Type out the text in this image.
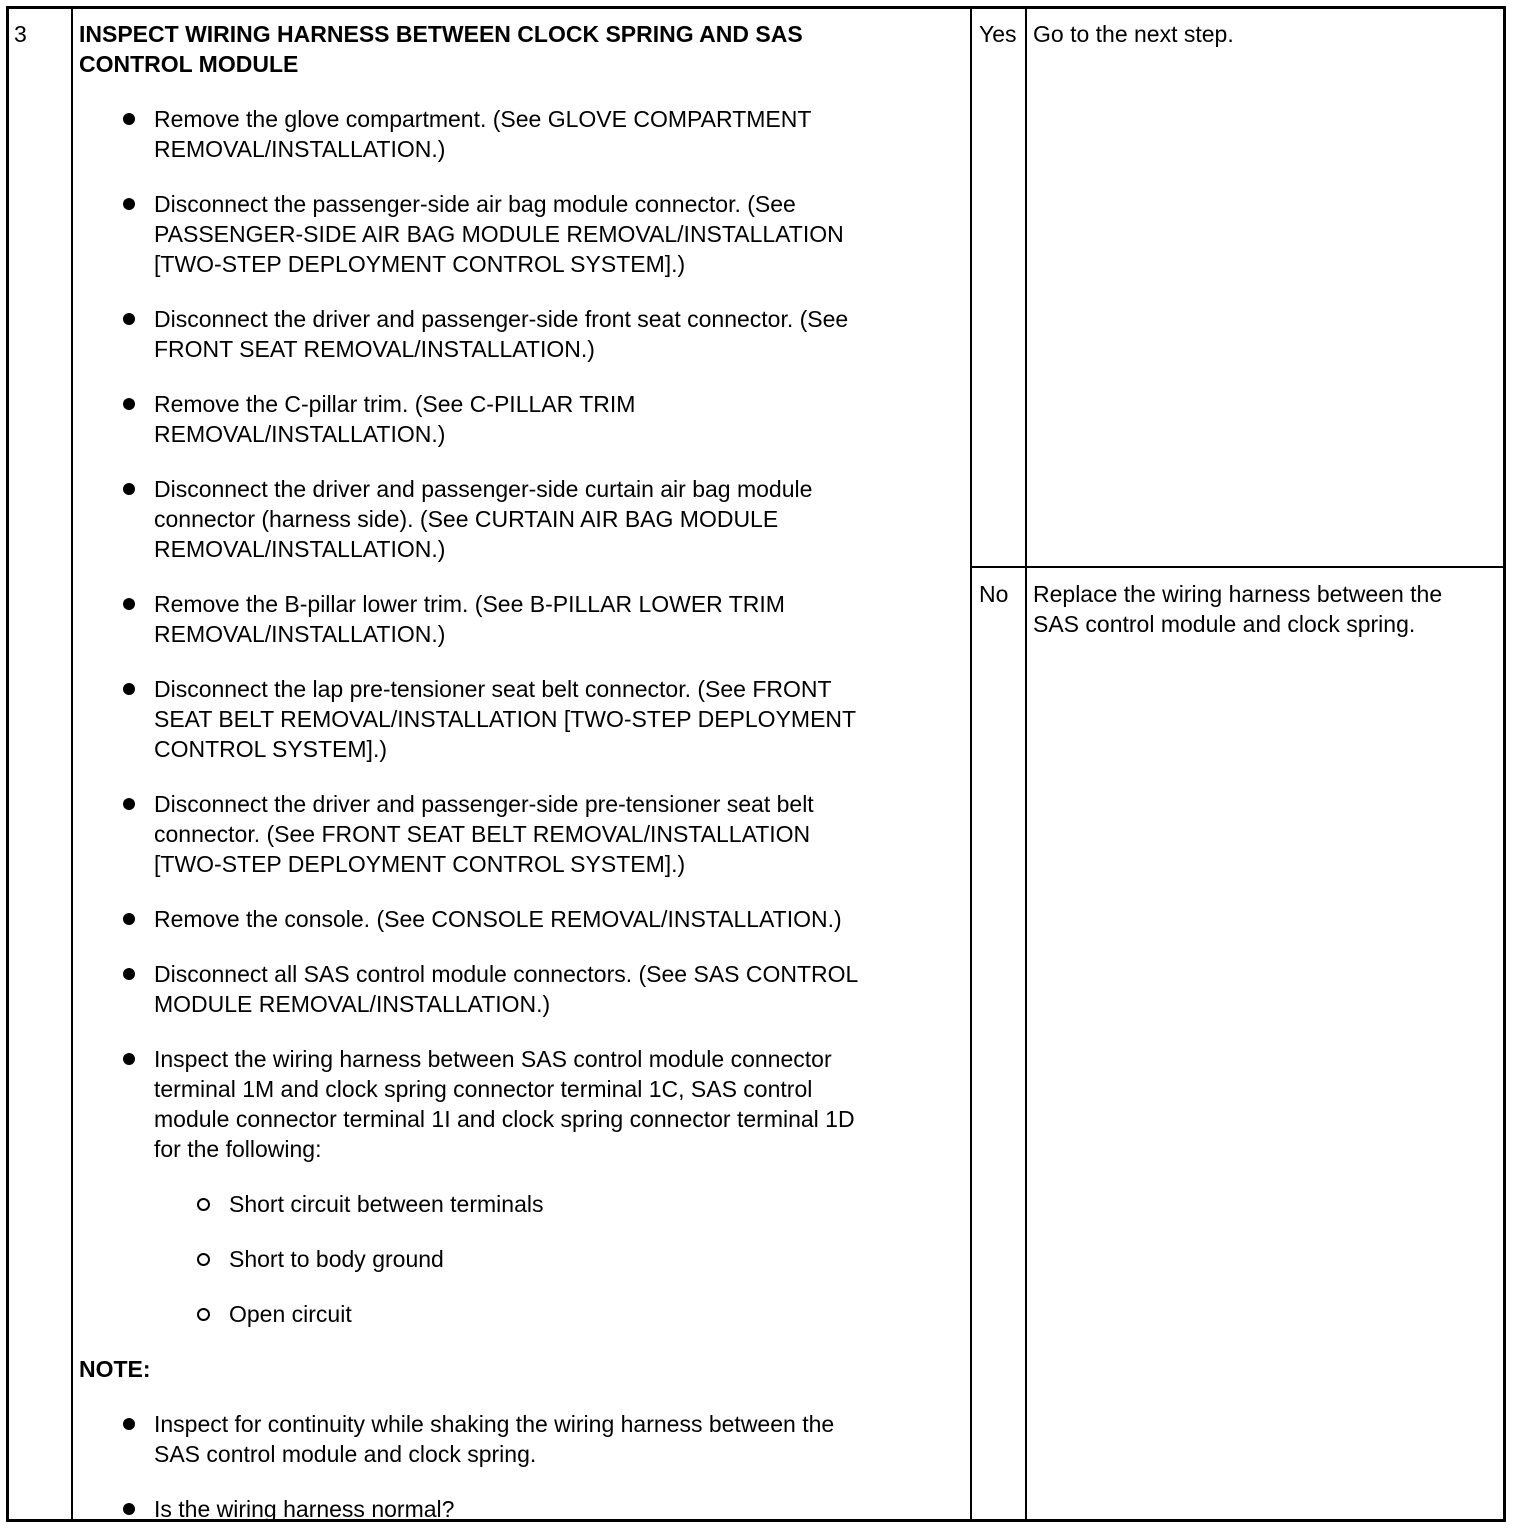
3 INSPECT WIRING HARNESS BETWEEN CLOCK SPRING AND SAS
CONTROL MODULE
Remove the glove compartment. (See GLOVE COMPARTMENT
REMOVAL/INSTALLATION.)
Disconnect the passenger-side air bag module connector. (See
PASSENGER-SIDE AIR BAG MODULE REMOVAL/INSTALLATION
[TWO-STEP DEPLOYMENT CONTROL SYSTEM].)
Disconnect the driver and passenger-side front seat connector. (See
FRONT SEAT REMOVAL/INSTALLATION.)
Remove the C-pillar trim. (See C-PILLAR TRIM
REMOVAL/INSTALLATION.)
Disconnect the driver and passenger-side curtain air bag module
connector (harness side). (See CURTAIN AIR BAG MODULE
REMOVAL/INSTALLATION.)
Remove the B-pillar lower trim. (See B-PILLAR LOWER TRIM
REMOVAL/INSTALLATION.)
Disconnect the lap pre-tensioner seat belt connector. (See FRONT
SEAT BELT REMOVAL/INSTALLATION [TWO-STEP DEPLOYMENT
CONTROL SYSTEM].)
Disconnect the driver and passenger-side pre-tensioner seat belt
connector. (See FRONT SEAT BELT REMOVAL/INSTALLATION
[TWO-STEP DEPLOYMENT CONTROL SYSTEM].)
Remove the console. (See CONSOLE REMOVAL/INSTALLATION.)
Disconnect all SAS control module connectors. (See SAS CONTROL
MODULE REMOVAL/INSTALLATION.)
Inspect the wiring harness between SAS control module connector
terminal 1M and clock spring connector terminal 1C, SAS control
module connector terminal 1I and clock spring connector terminal 1D
for the following:
Short circuit between terminals
Short to body ground
Open circuit
NOTE:
Inspect for continuity while shaking the wiring harness between the
SAS control module and clock spring.
Is the wiring harness normal?
Yes Go to the next step.
No Replace the wiring harness between the
SAS control module and clock spring.
